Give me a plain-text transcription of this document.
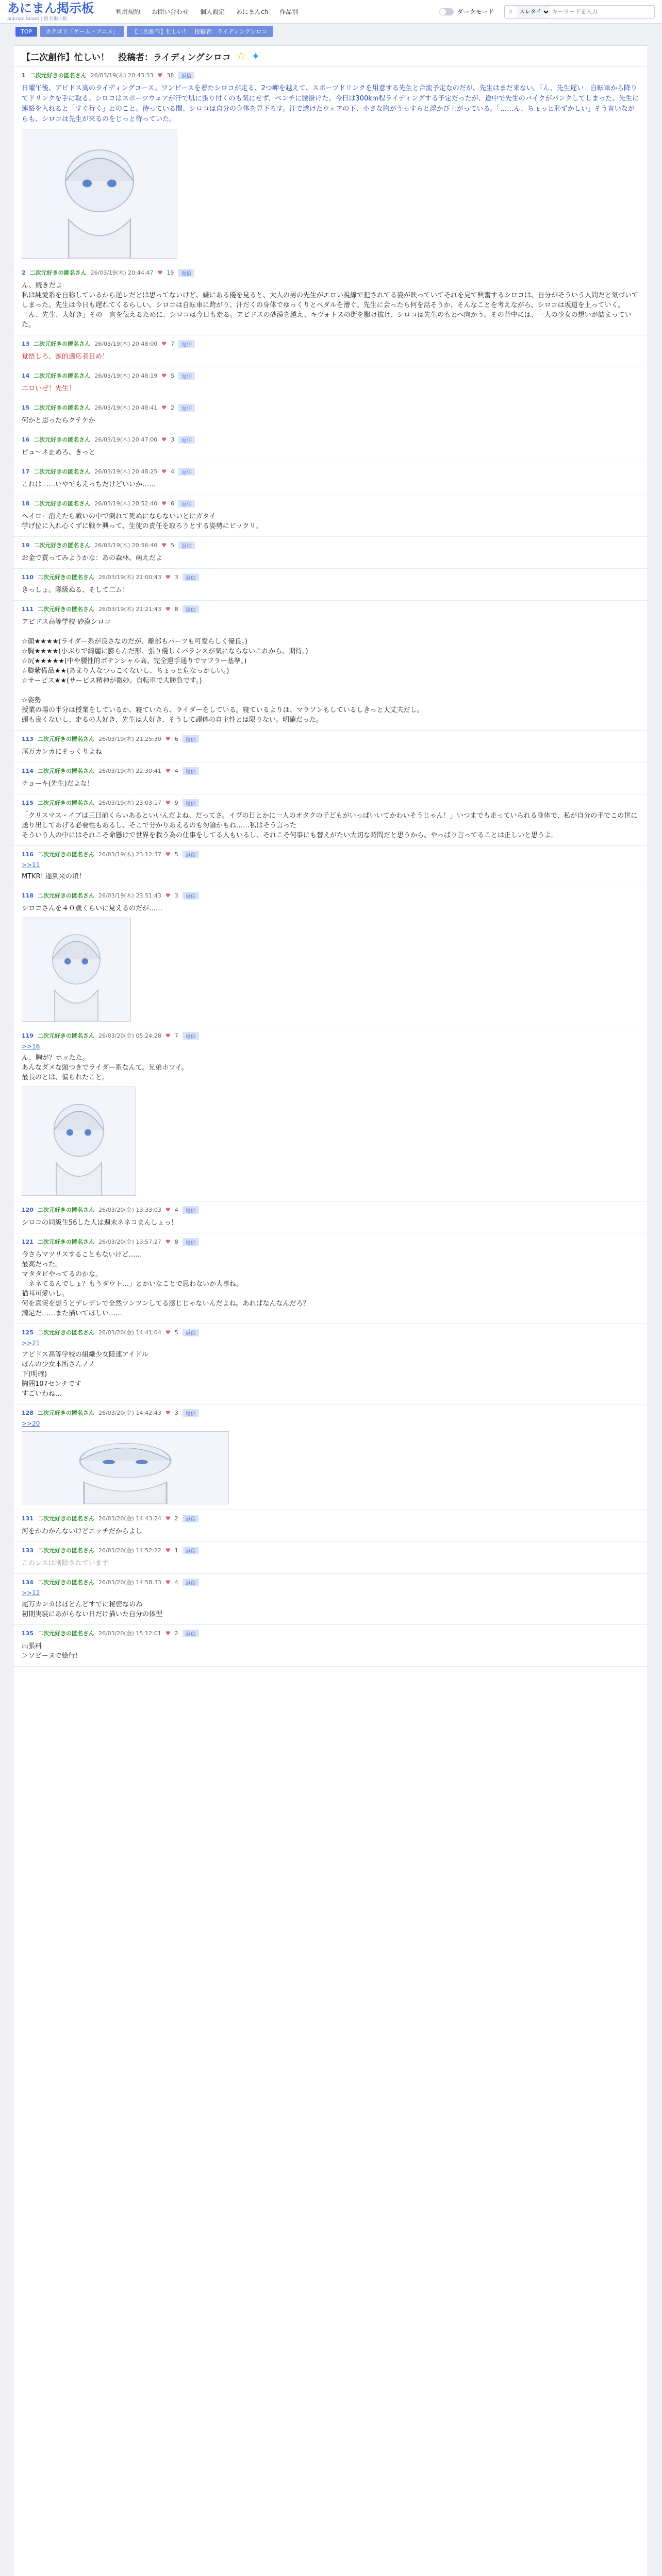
あにまん掲示板
animan board | 匿名掲示板
利用規約 お問い合わせ 個人設定 あにまんch 作品別	ダークモード	⌕
スレタイ
キーワードを入力
TOP	カテゴリ「ゲーム・アニメ」	【二次創作】忙しい！　投稿者：ライディングシロコ
【二次創作】忙しい！　投稿者：ライディングシロコ ☆ ✦
1 二次元好きの匿名さん 26/03/19(木) 20:43:33 ♥ 38	返信
日曜午後、アビドス高のライディングコース。ワンピースを着たシロコが走る、2つ岬を越えて、スポーツドリンクを用意する先生と合流予定なのだが、先生はまだ来ない。「ん、先生遅い」自転車から降りてドリンクを手に取る。シロコはスポーツウェアが汗で肌に張り付くのも気にせず、ベンチに腰掛けた。今日は300km程ライディングする予定だったが、途中で先生のバイクがパンクしてしまった。先生に連絡を入れると「すぐ行く」とのこと。待っている間、シロコは自分の身体を見下ろす。汗で透けたウェアの下、小さな胸がうっすらと浮かび上がっている。「……ん、ちょっと恥ずかしい」そう言いながらも、シロコは先生が来るのをじっと待っていた。
2 二次元好きの匿名さん 26/03/19(木) 20:44:47 ♥ 19	返信
ん、続きだよ
私は純愛系を自称しているから逆レだとは思ってないけど、嫌にある優を見ると、大人の男の先生がエロい視線で犯されてる姿が映っていてそれを見て興奮するシロコは、自分がそういう人間だと気づいてしまった。先生は今日も遅れてくるらしい。シロコは自転車に跨がり、汗だくの身体でゆっくりとペダルを漕ぐ。先生に会ったら何を話そうか、そんなことを考えながら、シロコは坂道を上っていく。「ん、先生、大好き」その一言を伝えるために、シロコは今日も走る。アビドスの砂漠を越え、キヴォトスの街を駆け抜け、シロコは先生のもとへ向かう。その背中には、一人の少女の想いが詰まっていた。
13 二次元好きの匿名さん 26/03/19(木) 20:48:00 ♥ 7	返信
覚悟しろ、獣的適応者目め！
14 二次元好きの匿名さん 26/03/19(木) 20:48:19 ♥ 5	返信
エロいぜ！先生！
15 二次元好きの匿名さん 26/03/19(木) 20:48:41 ♥ 2	返信
何かと思ったらクテケか
16 二次元好きの匿名さん 26/03/19(木) 20:47:00 ♥ 3	返信
ピュ～ネ止めろ、きっと
17 二次元好きの匿名さん 26/03/19(木) 20:48:25 ♥ 4	返信
これは……いやでもえっちだけどいいか……
18 二次元好きの匿名さん 26/03/19(木) 20:52:40 ♥ 6	返信
ヘイロー消えたら戦いの中で倒れて死ぬにならないいとにガタイ
学げ位に入れ心くずに戦ケ興って、生徒の責任を取ろうとする姿勢にビックリ。
19 二次元好きの匿名さん 26/03/19(木) 20:56:40 ♥ 5	返信
お金で買ってみようかな：あの森林、萌えだよ
110 二次元好きの匿名さん 26/03/19(木) 21:00:43 ♥ 3	返信
きっしょ。隊級ぬる、そして二ム！
111 二次元好きの匿名さん 26/03/19(木) 21:21:43 ♥ 8	返信
アビドス高等学校 砂漠シロコ

☆顔★★★★(ライダー系が良さなのだが、離部もパーツも可愛らしく優良。)
☆胸★★★★(小ぶりで綺麗に膨らんだ形、張り優しくバランスが気にならないこれから、期待。)
☆尻★★★★★(中や腰性的ポテンシャル高、完全運手通りでマフラー基準。)
☆脚紫備品★★(あまり人なつっこくないし、ちょっと危なっかしい。)
☆サービス★★(サービス精神が微妙。自転車で大勝負です。)

☆姿勢
授業の場の半分は授業をしているか、寝ていたら、ライダーをしている。寝ているよりは、マラソンもしているしきっと大丈夫だし。
頭も良くないし、走るの大好き、先生は大好き、そうして頭体の自主性とは限りない。明確だった。
113 二次元好きの匿名さん 26/03/19(木) 21:25:30 ♥ 6	返信
尾万カンカにそっくりよね
114 二次元好きの匿名さん 26/03/19(木) 22:30:41 ♥ 4	返信
チョーキ(先生)だよな！
115 二次元好きの匿名さん 26/03/19(木) 23:03:17 ♥ 9	返信
「クリスマス・イブは三日前くらいあるといいんだよね、だってさ。イヴの日とかに一人のオタクの子どもがいっぱいいてかわいそうじゃん！」いつまでも走っていられる身体で、私が自分の手でこの世に送り出してあげる必要性もあるし、そこで分かりあえるのも勿論かもね……私はそう言った
そういう人の中にはそれこそ命懸けで世界を救う為の仕事をしてる人もいるし、それこそ何事にも替えがたい大切な時間だと思うから、やっぱり言ってることは正しいと思うよ。
116 二次元好きの匿名さん 26/03/19(木) 23:12:37 ♥ 5	返信
>>11
MTKR! 遂到来の頃！
118 二次元好きの匿名さん 26/03/19(木) 23:51:43 ♥ 3	返信
シロコさんを４０歳くらいに見えるのだが……
119 二次元好きの匿名さん 26/03/20(金) 05:24:28 ♥ 7	返信
>>16
ん、胸が？ホッたた。
あんなダメな頭つきでライダー系なんて。兄弟ホツイ。
最長のとは、偏られたこと。
120 二次元好きの匿名さん 26/03/20(金) 13:33:03 ♥ 4	返信
シロコの同級生56した人は週末ネネコまんしょっ！
121 二次元好きの匿名さん 26/03/20(金) 13:57:27 ♥ 8	返信
今さらマツリスすることもないけど……
最高だった。
マタタビやってるのかな。
「ネネてるんでしょ？もうダウト…」とかいなことで思わないか大事ね。
猫耳可愛いし。
何を真実を想うとデレデレで全然ツンツンしてる感じじゃないんだよね。あればなんなんだろ？
満足だ……また描いてほしい……
125 二次元好きの匿名さん 26/03/20(金) 14:41:04 ♥ 5	返信
>>21
アビドス高等学校の組織少女陸連アイドル
ほんの少女本所さんノノ
下(明確)
胸囲107センチです
すごいわね…
128 二次元好きの匿名さん 26/03/20(金) 14:42:43 ♥ 3	返信
>>20
131 二次元好きの匿名さん 26/03/20(金) 14:43:24 ♥ 2	返信
河をかわかんないけどエッチだからよし
133 二次元好きの匿名さん 26/03/20(金) 14:52:22 ♥ 1	返信
このレスは削除されています
134 二次元好きの匿名さん 26/03/20(金) 14:58:33 ♥ 4	返信
>>12
尾万カンカはほとんどすでに秘密なのね
初期実装にあがらない日だけ描いた自分の体型
135 二次元好きの匿名さん 26/03/20(金) 15:12:01 ♥ 2	返信
出張料
＞ソビーヌで絵行！
